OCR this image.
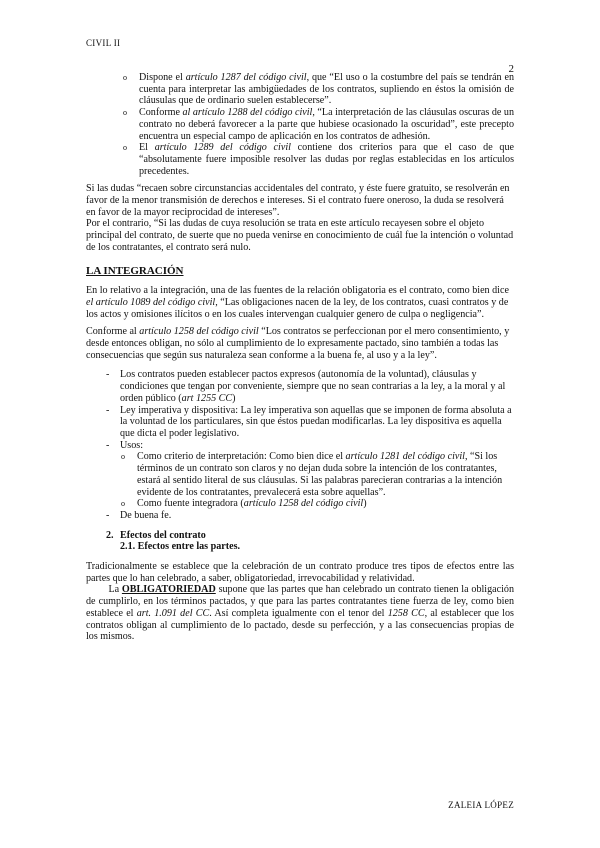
CIVIL II
2
o Dispone el artículo 1287 del código civil, que “El uso o la costumbre del país se tendrán en cuenta para interpretar las ambigüedades de los contratos, supliendo en éstos la omisión de cláusulas que de ordinario suelen establecerse”.
o Conforme al artículo 1288 del código civil, “La interpretación de las cláusulas oscuras de un contrato no deberá favorecer a la parte que hubiese ocasionado la oscuridad”, este precepto encuentra un especial campo de aplicación en los contratos de adhesión.
o El artículo 1289 del código civil contiene dos criterios para que el caso de que “absolutamente fuere imposible resolver las dudas por reglas establecidas en los artículos precedentes.

Si las dudas “recaen sobre circunstancias accidentales del contrato, y éste fuere gratuito, se resolverán en favor de la menor transmisión de derechos e intereses. Si el contrato fuere oneroso, la duda se resolverá en favor de la mayor reciprocidad de intereses”.

Por el contrario, “Si las dudas de cuya resolución se trata en este artículo recayesen sobre el objeto principal del contrato, de suerte que no pueda venirse en conocimiento de cuál fue la intención o voluntad de los contratantes, el contrato será nulo.

LA INTEGRACIÓN

En lo relativo a la integración, una de las fuentes de la relación obligatoria es el contrato, como bien dice el artículo 1089 del código civil, “Las obligaciones nacen de la ley, de los contratos, cuasi contratos y de los actos y omisiones ilícitos o en los cuales intervengan cualquier genero de culpa o negligencia”.

Conforme al artículo 1258 del código civil “Los contratos se perfeccionan por el mero consentimiento, y desde entonces obligan, no sólo al cumplimiento de lo expresamente pactado, sino también a todas las consecuencias que según sus naturaleza sean conforme a la buena fe, al uso y a la ley”.

- Los contratos pueden establecer pactos expresos (autonomía de la voluntad), cláusulas y condiciones que tengan por conveniente, siempre que no sean contrarias a la ley, a la moral y al orden público (art 1255 CC)
- Ley imperativa y dispositiva: La ley imperativa son aquellas que se imponen de forma absoluta a la voluntad de los particulares, sin que éstos puedan modificarlas. La ley dispositiva es aquella que dicta el poder legislativo.
- Usos:
o Como criterio de interpretación: Como bien dice el artículo 1281 del código civil, “Si los términos de un contrato son claros y no dejan duda sobre la intención de los contratantes, estará al sentido literal de sus cláusulas. Si las palabras parecieran contrarias a la intención evidente de los contratantes, prevalecerá esta sobre aquellas”.
o Como fuente integradora (artículo 1258 del código civil)
- De buena fe.
2. Efectos del contrato
2.1. Efectos entre las partes.

Tradicionalmente se establece que la celebración de un contrato produce tres tipos de efectos entre las partes que lo han celebrado, a saber, obligatoriedad, irrevocabilidad y relatividad.

La OBLIGATORIEDAD supone que las partes que han celebrado un contrato tienen la obligación de cumplirlo, en los términos pactados, y que para las partes contratantes tiene fuerza de ley, como bien establece el art. 1.091 del CC. Así completa igualmente con el tenor del 1258 CC, al establecer que los contratos obligan al cumplimiento de lo pactado, desde su perfección, y a las consecuencias propias de los mismos.

ZALEIA LÓPEZ
